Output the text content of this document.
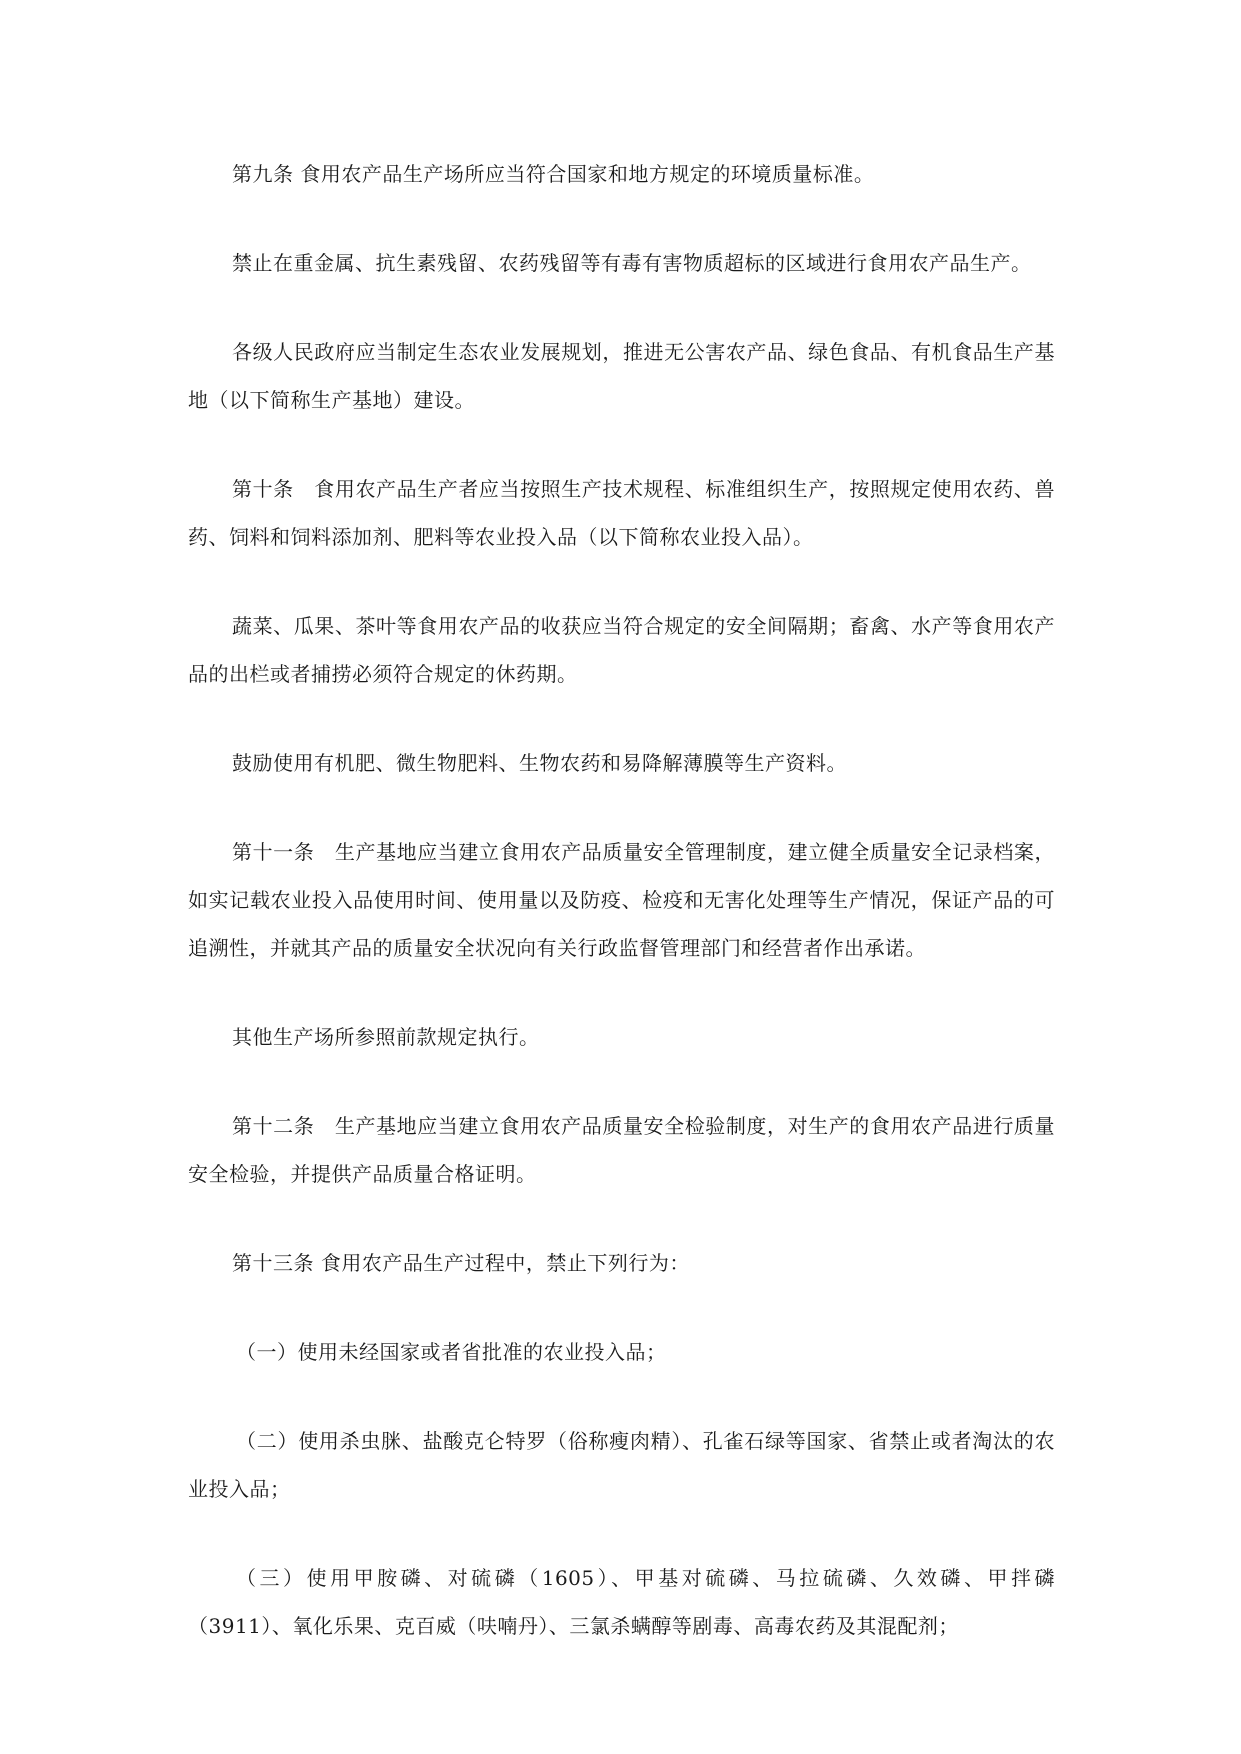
第九条 食用农产品生产场所应当符合国家和地方规定的环境质量标准。

禁止在重金属、抗生素残留、农药残留等有毒有害物质超标的区域进行食用农产品生产。

各级人民政府应当制定生态农业发展规划，推进无公害农产品、绿色食品、有机食品生产基地（以下简称生产基地）建设。

第十条　食用农产品生产者应当按照生产技术规程、标准组织生产，按照规定使用农药、兽药、饲料和饲料添加剂、肥料等农业投入品（以下简称农业投入品）。

蔬菜、瓜果、茶叶等食用农产品的收获应当符合规定的安全间隔期；畜禽、水产等食用农产品的出栏或者捕捞必须符合规定的休药期。

鼓励使用有机肥、微生物肥料、生物农药和易降解薄膜等生产资料。

第十一条　生产基地应当建立食用农产品质量安全管理制度，建立健全质量安全记录档案，如实记载农业投入品使用时间、使用量以及防疫、检疫和无害化处理等生产情况，保证产品的可追溯性，并就其产品的质量安全状况向有关行政监督管理部门和经营者作出承诺。

其他生产场所参照前款规定执行。

第十二条　生产基地应当建立食用农产品质量安全检验制度，对生产的食用农产品进行质量安全检验，并提供产品质量合格证明。

第十三条 食用农产品生产过程中，禁止下列行为：

（一）使用未经国家或者省批准的农业投入品；

（二）使用杀虫脒、盐酸克仑特罗（俗称瘦肉精）、孔雀石绿等国家、省禁止或者淘汰的农业投入品；

（三）使用甲胺磷、对硫磷（1605）、甲基对硫磷、马拉硫磷、久效磷、甲拌磷（3911）、氧化乐果、克百威（呋喃丹）、三氯杀螨醇等剧毒、高毒农药及其混配剂；
